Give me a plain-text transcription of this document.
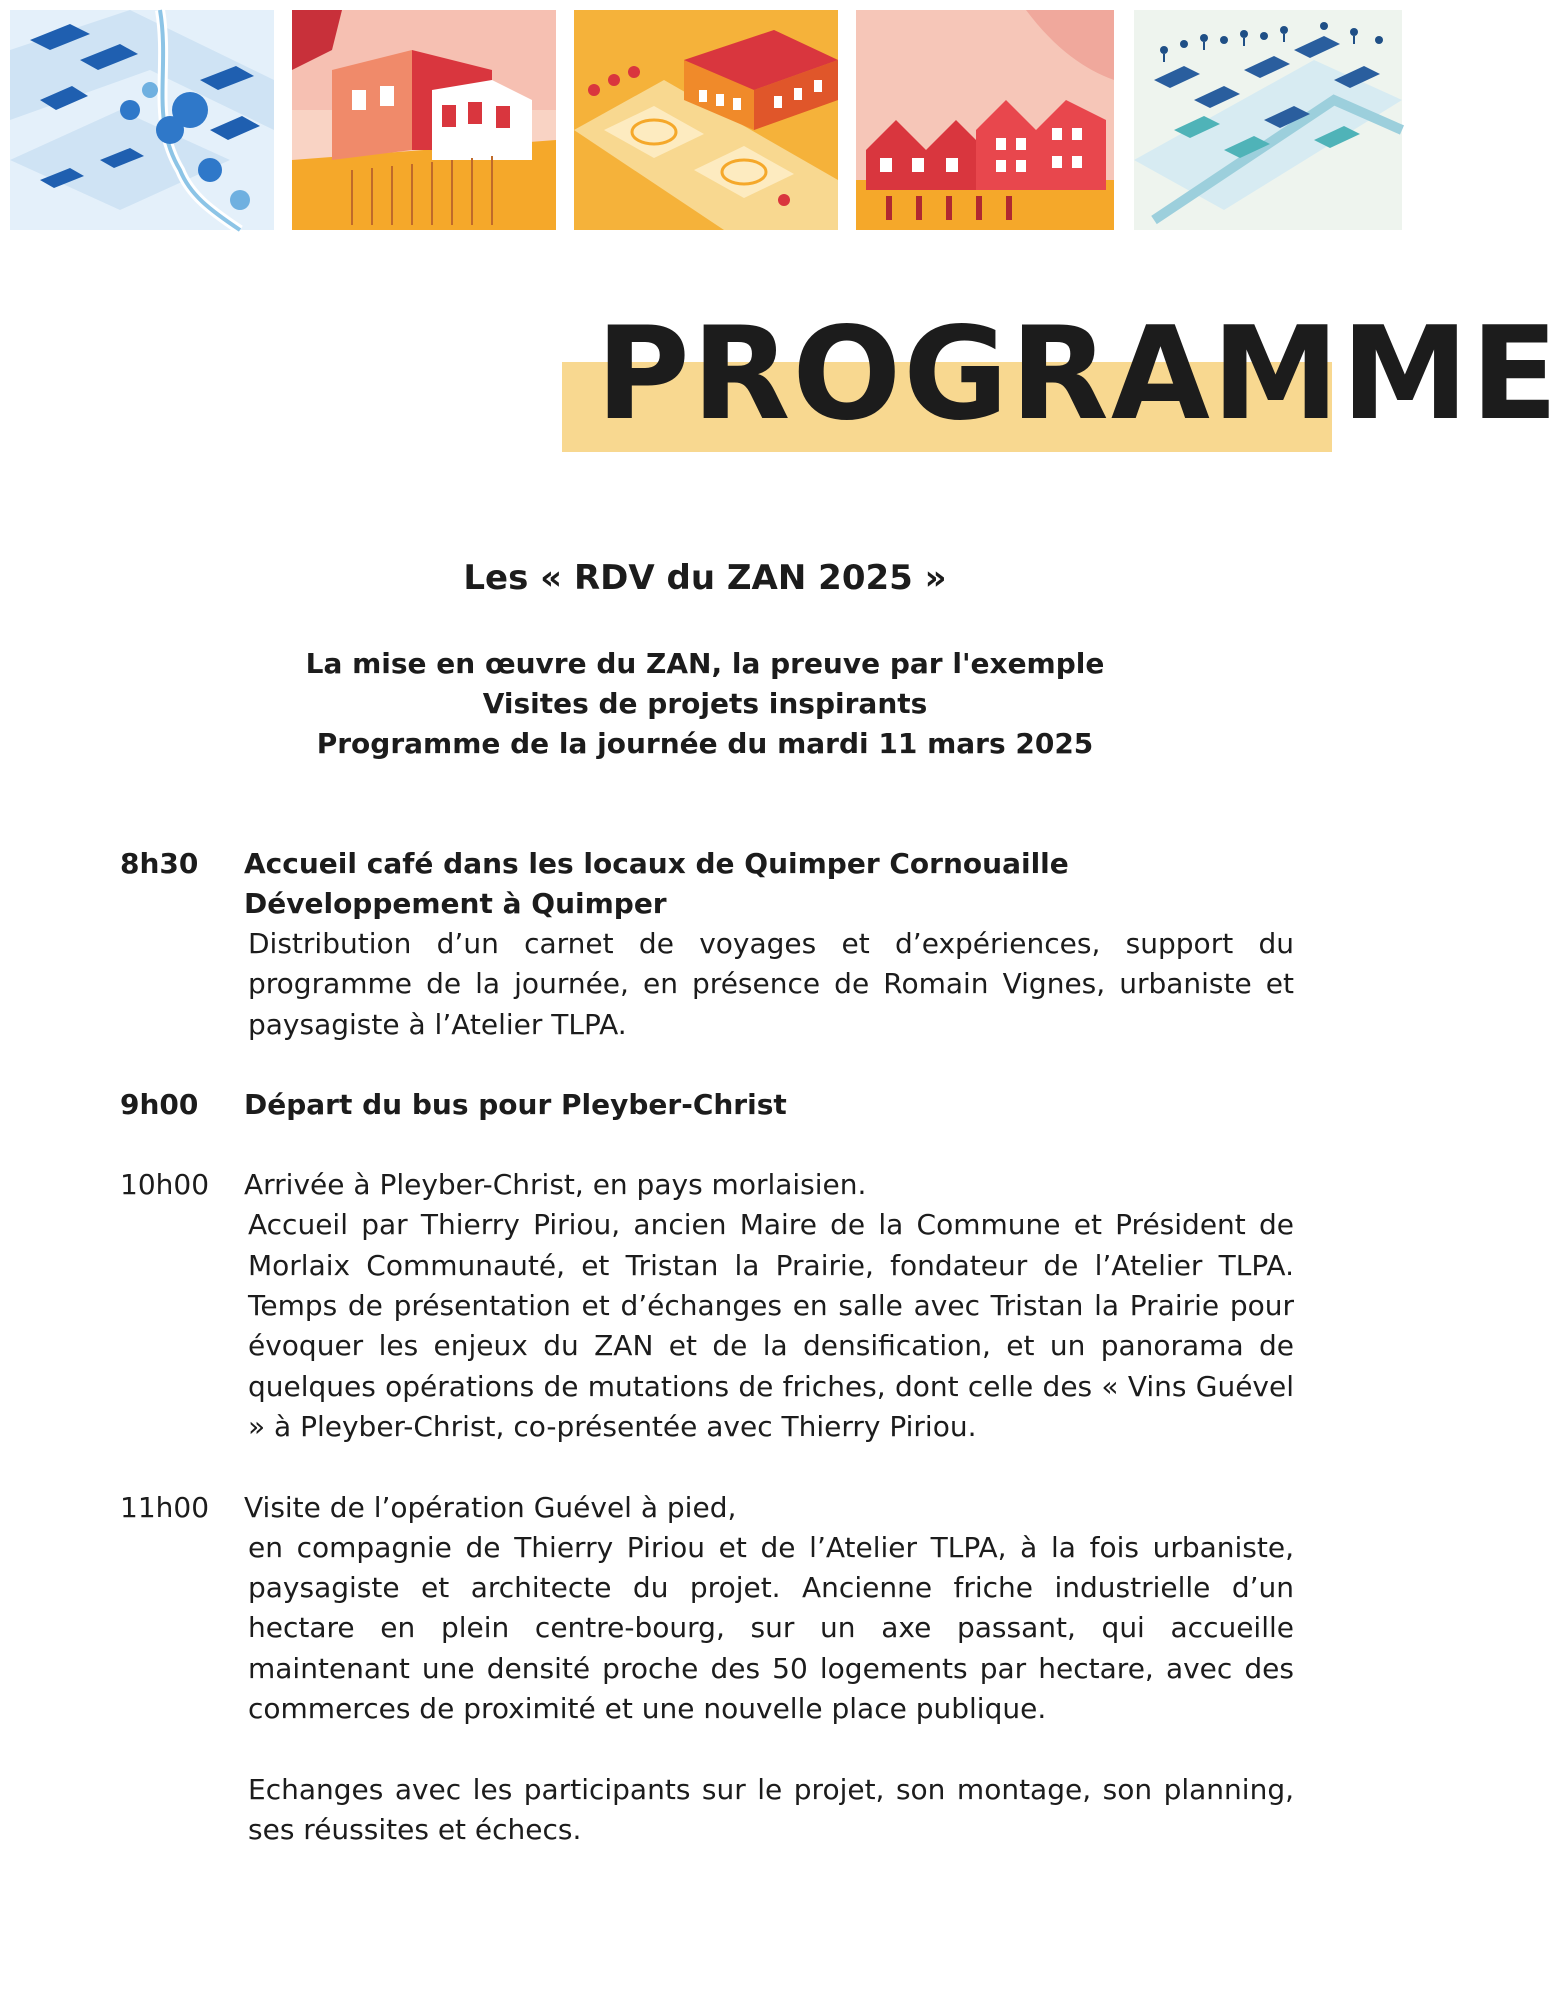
PROGRAMME
Les « RDV du ZAN 2025 »
La mise en œuvre du ZAN, la preuve par l'exemple
Visites de projets inspirants
Programme de la journée du mardi 11 mars 2025
8h30	Accueil café dans les locaux de Quimper Cornouaille Développement à Quimper
Distribution d’un carnet de voyages et d’expériences, support du programme de la journée, en présence de Romain Vignes, urbaniste et paysagiste à l’Atelier TLPA.
9h00	Départ du bus pour Pleyber-Christ
10h00	Arrivée à Pleyber-Christ, en pays morlaisien.
Accueil par Thierry Piriou, ancien Maire de la Commune et Président de Morlaix Communauté, et Tristan la Prairie, fondateur de l’Atelier TLPA. Temps de présentation et d’échanges en salle avec Tristan la Prairie pour évoquer les enjeux du ZAN et de la densification, et un panorama de quelques opérations de mutations de friches, dont celle des « Vins Guével » à Pleyber-Christ, co-présentée avec Thierry Piriou.
11h00	Visite de l’opération Guével à pied,
en compagnie de Thierry Piriou et de l’Atelier TLPA, à la fois urbaniste, paysagiste et architecte du projet. Ancienne friche industrielle d’un hectare en plein centre-bourg, sur un axe passant, qui accueille maintenant une densité proche des 50 logements par hectare, avec des commerces de proximité et une nouvelle place publique.
Echanges avec les participants sur le projet, son montage, son planning, ses réussites et échecs.
